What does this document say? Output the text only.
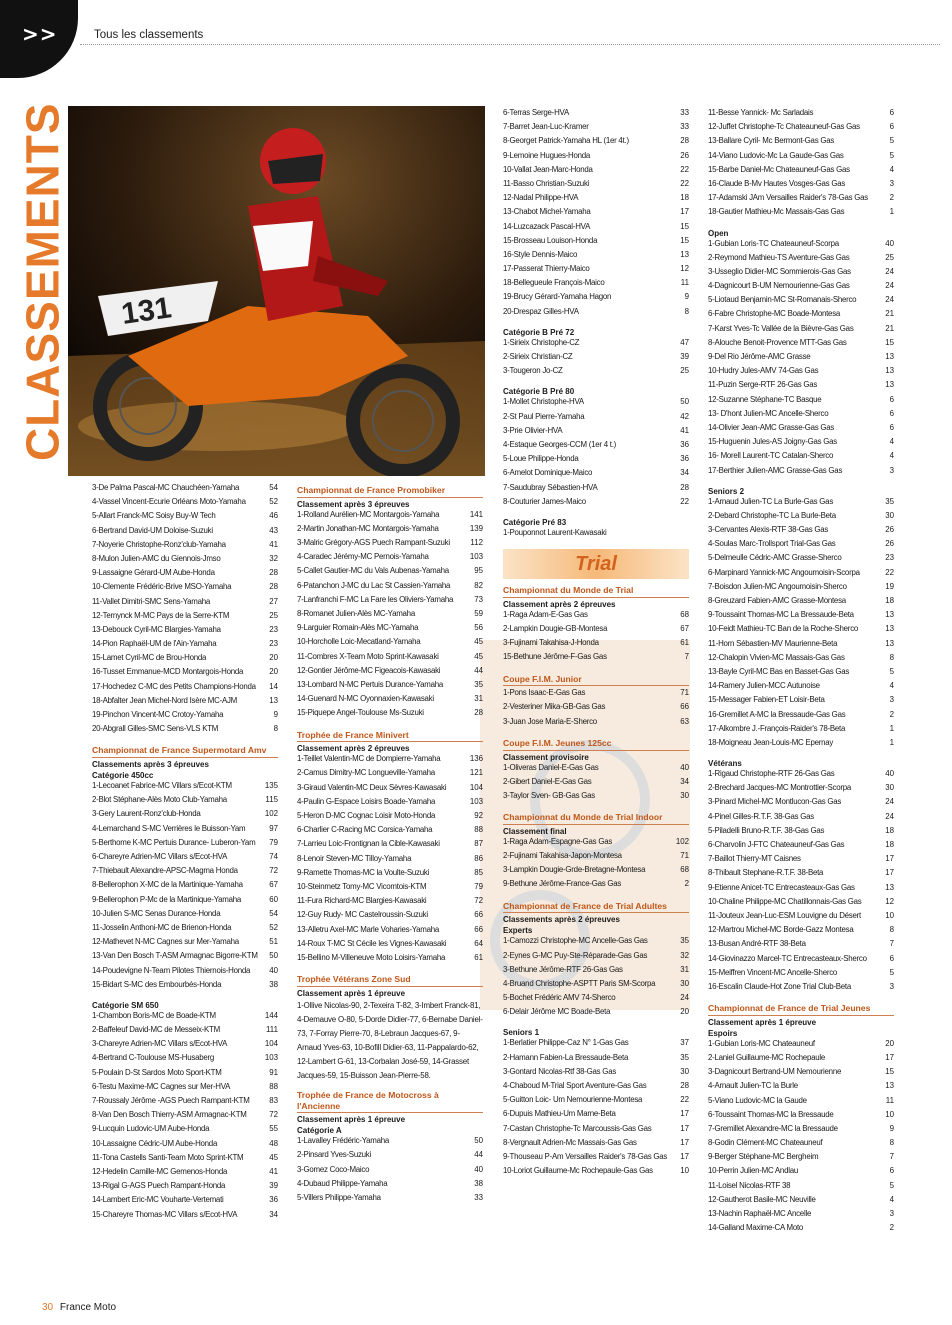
>>	Tous les classements
CLASSEMENTS 131
3-De Palma Pascal-MC Chauchéen-Yamaha	54
4-Vassel Vincent-Ecurie Orléans Moto-Yamaha	52
5-Allart Franck-MC Soisy Buy-W Tech	46
6-Bertrand David-UM Doloise-Suzuki	43
7-Noyerie Christophe-Ronz'club-Yamaha	41
8-Mulon Julien-AMC du Giennois-Jmso	32
9-Lassaigne Gérard-UM Aube-Honda	28
10-Clemente Frédéric-Brive MSO-Yamaha	28
11-Vallet Dimitri-SMC Sens-Yamaha	27
12-Ternynck M-MC Pays de la Serre-KTM	25
13-Debouck Cyril-MC Blargies-Yamaha	23
14-Pion Raphaël-UM de l'Ain-Yamaha	23
15-Lamet Cyril-MC de Brou-Honda	20
16-Tusset Emmanue-MCD Montargois-Honda	20
17-Hochedez C-MC des Petits Champions-Honda	14
18-Abfalter Jean Michel-Nord Isère MC-AJM	13
19-Pinchon Vincent-MC Crotoy-Yamaha	9
20-Abgrall Gilles-SMC Sens-VLS KTM	8
Championnat de France Supermotard Amv
Classements après 3 épreuves
Catégorie 450cc
1-Lecoanet Fabrice-MC Villars s/Ecot-KTM	135
2-Blot Stéphane-Alès Moto Club-Yamaha	115
3-Gery Laurent-Ronz'club-Honda	102
4-Lemarchand S-MC Verrières le Buisson-Yam	97
5-Berthome K-MC Pertuis Durance- Luberon-Yam	79
6-Chareyre Adrien-MC Villars s/Ecot-HVA	74
7-Thiebault Alexandre-APSC-Magma Honda	72
8-Bellerophon X-MC de la Martinique-Yamaha	67
9-Bellerophon P-Mc de la Martinique-Yamaha	60
10-Julien S-MC Senas Durance-Honda	54
11-Josselin Anthoni-MC de Brienon-Honda	52
12-Mathevet N-MC Cagnes sur Mer-Yamaha	51
13-Van Den Bosch T-ASM Armagnac Bigorre-KTM	50
14-Poudevigne N-Team Pilotes Thiernois-Honda	40
15-Bidart S-MC des Embourbés-Honda	38
Catégorie SM 650
1-Chambon Boris-MC de Boade-KTM	144
2-Baffeleuf David-MC de Messeix-KTM	111
3-Chareyre Adrien-MC Villars s/Ecot-HVA	104
4-Bertrand C-Toulouse MS-Husaberg	103
5-Poulain D-St Sardos Moto Sport-KTM	91
6-Testu Maxime-MC Cagnes sur Mer-HVA	88
7-Roussaly Jérôme -AGS Puech Rampant-KTM	83
8-Van Den Bosch Thierry-ASM Armagnac-KTM	72
9-Lucquin Ludovic-UM Aube-Honda	55
10-Lassaigne Cédric-UM Aube-Honda	48
11-Tona Castells Santi-Team Moto Sprint-KTM	45
12-Hedelin Camille-MC Gemenos-Honda	41
13-Rigal G-AGS Puech Rampant-Honda	39
14-Lambert Eric-MC Vouharte-Vertemati	36
15-Chareyre Thomas-MC Villars s/Ecot-HVA	34
Championnat de France Promobiker
Classement après 3 épreuves
1-Rolland Aurélien-MC Montargois-Yamaha	141
2-Martin Jonathan-MC Montargois-Yamaha	139
3-Malric Grégory-AGS Puech Rampant-Suzuki	112
4-Caradec Jérémy-MC Pernois-Yamaha	103
5-Callet Gautier-MC du Vals Aubenas-Yamaha	95
6-Patanchon J-MC du Lac St Cassien-Yamaha	82
7-Lanfranchi F-MC La Fare les Oliviers-Yamaha	73
8-Romanet Julien-Alès MC-Yamaha	59
9-Larguier Romain-Alès MC-Yamaha	56
10-Horcholle Loic-Mecatland-Yamaha	45
11-Combres X-Team Moto Sprint-Kawasaki	45
12-Gontier Jérôme-MC Figeacois-Kawasaki	44
13-Lombard N-MC Pertuis Durance-Yamaha	35
14-Guenard N-MC Oyonnaxien-Kawasaki	31
15-Piquepe Angel-Toulouse Ms-Suzuki	28
Trophée de France Minivert
Classement après 2 épreuves
1-Teillet Valentin-MC de Dompierre-Yamaha	136
2-Camus Dimitry-MC Longueville-Yamaha	121
3-Giraud Valentin-MC Deux Sèvres-Kawasaki	104
4-Paulin G-Espace Loisirs Boade-Yamaha	103
5-Heron D-MC Cognac Loisir Moto-Honda	92
6-Charlier C-Racing MC Corsica-Yamaha	88
7-Larrieu Loic-Frontignan la Cible-Kawasaki	87
8-Lenoir Steven-MC Tilloy-Yamaha	86
9-Ramette Thomas-MC la Voulte-Suzuki	85
10-Steinmetz Tomy-MC Vicomtois-KTM	79
11-Fura Richard-MC Blargies-Kawasaki	72
12-Guy Rudy- MC Castelroussin-Suzuki	66
13-Alletru Axel-MC Marle Voharies-Yamaha	66
14-Roux T-MC St Cécile les Vignes-Kawasaki	64
15-Bellino M-Villeneuve Moto Loisirs-Yamaha	61
Trophée Vétérans Zone Sud
Classement après 1 épreuve
1-Ollive Nicolas-90, 2-Texeira T-82, 3-Imbert Franck-81, 4-Demauve O-80, 5-Dorde Didier-77, 6-Bernabe Daniel-73, 7-Forray Pierre-70, 8-Lebraun Jacques-67, 9-Arnaud Yves-63, 10-Bofill Didier-63, 11-Pappalardo-62, 12-Lambert G-61, 13-Corbalan José-59, 14-Grasset Jacques-59, 15-Buisson Jean-Pierre-58.
Trophée de France de Motocross à l'Ancienne
Classement après 1 épreuve
Catégorie A
1-Lavalley Frédéric-Yamaha	50
2-Pinsard Yves-Suzuki	44
3-Gomez Coco-Maico	40
4-Dubaud Philippe-Yamaha	38
5-Villers Philippe-Yamaha	33
6-Terras Serge-HVA	33
7-Barret Jean-Luc-Kramer	33
8-Georget Patrick-Yamaha HL (1er 4t.)	28
9-Lemoine Hugues-Honda	26
10-Vallat Jean-Marc-Honda	22
11-Basso Christian-Suzuki	22
12-Nadal Philippe-HVA	18
13-Chabot Michel-Yamaha	17
14-Luzcazack Pascal-HVA	15
15-Brosseau Louison-Honda	15
16-Style Dennis-Maico	13
17-Passerat Thierry-Maico	12
18-Bellegueule François-Maico	11
19-Brucy Gérard-Yamaha Hagon	9
20-Drespaz Gilles-HVA	8
Catégorie B Pré 72
1-Sirieix Christophe-CZ	47
2-Sirieix Christian-CZ	39
3-Tougeron Jo-CZ	25
Catégorie B Pré 80
1-Mollet Christophe-HVA	50
2-St Paul Pierre-Yamaha	42
3-Prie Olivier-HVA	41
4-Estaque Georges-CCM (1er 4 t.)	36
5-Loue Philippe-Honda	36
6-Amelot Dominique-Maico	34
7-Saudubray Sébastien-HVA	28
8-Couturier James-Maico	22
Catégorie Pré 83
1-Pouponnot Laurent-Kawasaki
Trial
Championnat du Monde de Trial
Classement après 2 épreuves
1-Raga Adam-E-Gas Gas	68
2-Lampkin Dougie-GB-Montesa	67
3-Fujinami Takahisa-J-Honda	61
15-Bethune Jérôme-F-Gas Gas	7
Coupe F.I.M. Junior
1-Pons Isaac-E-Gas Gas	71
2-Vesteriner Mika-GB-Gas Gas	66
3-Juan Jose Maria-E-Sherco	63
Coupe F.I.M. Jeunes 125cc
Classement provisoire
1-Oliveras Daniel-E-Gas Gas	40
2-Gibert Daniel-E-Gas Gas	34
3-Taylor Sven- GB-Gas Gas	30
Championnat du Monde de Trial Indoor
Classement final
1-Raga Adam-Espagne-Gas Gas	102
2-Fujinami Takahisa-Japon-Montesa	71
3-Lampkin Dougie-Grde-Bretagne-Montesa	68
9-Bethune Jérôme-France-Gas Gas	2
Championnat de France de Trial Adultes
Classements après 2 épreuves
Experts
1-Camozzi Christophe-MC Ancelle-Gas Gas	35
2-Eynes G-MC Puy-Ste-Réparade-Gas Gas	32
3-Bethune Jérôme-RTF 26-Gas Gas	31
4-Bruand Christophe-ASPTT Paris SM-Scorpa	30
5-Bochet Frédéric AMV 74-Sherco	24
6-Delair Jérôme MC Boade-Beta	20
Seniors 1
1-Berlatier Philippe-Caz N° 1-Gas Gas	37
2-Hamann Fabien-La Bressaude-Beta	35
3-Gontard Nicolas-Rtf 38-Gas Gas	30
4-Chaboud M-Trial Sport Aventure-Gas Gas	28
5-Guitton Loic- Um Nemourienne-Montesa	22
6-Dupuis Mathieu-Um Marne-Beta	17
7-Castan Christophe-Tc Marcoussis-Gas Gas	17
8-Vergnault Adrien-Mc Massais-Gas Gas	17
9-Thouseau P-Am Versailles Raider's 78-Gas Gas	17
10-Loriot Guillaume-Mc Rochepaule-Gas Gas	10
11-Besse Yannick- Mc Sarladais	6
12-Juffet Christophe-Tc Chateauneuf-Gas Gas	6
13-Ballare Cyril- Mc Bermont-Gas Gas	5
14-Viano Ludovic-Mc La Gaude-Gas Gas	5
15-Barbe Daniel-Mc Chateauneuf-Gas Gas	4
16-Claude B-Mv Hautes Vosges-Gas Gas	3
17-Adamski JAm Versailles Raider's 78-Gas Gas	2
18-Gautier Mathieu-Mc Massais-Gas Gas	1
Open
1-Gubian Loris-TC Chateauneuf-Scorpa	40
2-Reymond Mathieu-TS Aventure-Gas Gas	25
3-Usseglio Didier-MC Sommierois-Gas Gas	24
4-Dagnicourt B-UM Nemourienne-Gas Gas	24
5-Liotaud Benjamin-MC St-Romanais-Sherco	24
6-Fabre Christophe-MC Boade-Montesa	21
7-Karst Yves-Tc Vallée de la Bièvre-Gas Gas	21
8-Alouche Benoit-Provence MTT-Gas Gas	15
9-Del Rio Jérôme-AMC Grasse	13
10-Hudry Jules-AMV 74-Gas Gas	13
11-Puzin Serge-RTF 26-Gas Gas	13
12-Suzanne Stéphane-TC Basque	6
13- D'hont Julien-MC Ancelle-Sherco	6
14-Olivier Jean-AMC Grasse-Gas Gas	6
15-Huguenin Jules-AS Joigny-Gas Gas	4
16- Morell Laurent-TC Catalan-Sherco	4
17-Berthier Julien-AMC Grasse-Gas Gas	3
Seniors 2
1-Arnaud Julien-TC La Burle-Gas Gas	35
2-Debard Christophe-TC La Burle-Beta	30
3-Cervantes Alexis-RTF 38-Gas Gas	26
4-Soulas Marc-Trollsport Trial-Gas Gas	26
5-Delmeulle Cédric-AMC Grasse-Sherco	23
6-Marpinard Yannick-MC Angoumoisin-Scorpa	22
7-Boisdon Julien-MC Angoumoisin-Sherco	19
8-Greuzard Fabien-AMC Grasse-Montesa	18
9-Toussaint Thomas-MC La Bressaude-Beta	13
10-Feidt Mathieu-TC Ban de la Roche-Sherco	13
11-Horn Sébastien-MV Maurienne-Beta	13
12-Chalopin Vivien-MC Massais-Gas Gas	8
13-Bayle Cyril-MC Bas en Basset-Gas Gas	5
14-Ramery Julien-MCC Autunoise	4
15-Messager Fabien-ET Loisir-Beta	3
16-Gremillet A-MC la Bressaude-Gas Gas	2
17-Alkombre J.-François-Raider's 78-Beta	1
18-Moigneau Jean-Louis-MC Epernay	1
Vétérans
1-Rigaud Christophe-RTF 26-Gas Gas	40
2-Brechard Jacques-MC Montrottier-Scorpa	30
3-Pinard Michel-MC Montlucon-Gas Gas	24
4-Pinel Gilles-R.T.F. 38-Gas Gas	24
5-Piladelli Bruno-R.T.F. 38-Gas Gas	18
6-Charvolin J-FTC Chateauneuf-Gas Gas	18
7-Baillot Thierry-MT Caisnes	17
8-Thibault Stephane-R.T.F. 38-Beta	17
9-Etienne Anicet-TC Entrecasteaux-Gas Gas	13
10-Chaline Philippe-MC Chatillonnais-Gas Gas	12
11-Jouteux Jean-Luc-ESM Louvigne du Désert	10
12-Martrou Michel-MC Borde-Gazz Montesa	8
13-Busan André-RTF 38-Beta	7
14-Giovinazzo Marcel-TC Entrecasteaux-Sherco	6
15-Meiffren Vincent-MC Ancelle-Sherco	5
16-Escalin Claude-Hot Zone Trial Club-Beta	3
Championnat de France de Trial Jeunes
Classement après 1 épreuve
Espoirs
1-Gubian Loris-MC Chateauneuf	20
2-Laniel Guillaume-MC Rochepaule	17
3-Dagnicourt Bertrand-UM Nemourienne	15
4-Arnault Julien-TC la Burle	13
5-Viano Ludovic-MC la Gaude	11
6-Toussaint Thomas-MC la Bressaude	10
7-Gremillet Alexandre-MC la Bressaude	9
8-Godin Clément-MC Chateauneuf	8
9-Berger Stéphane-MC Bergheim	7
10-Perrin Julien-MC Andlau	6
11-Loisel Nicolas-RTF 38	5
12-Gautherot Basile-MC Neuville	4
13-Nachin Raphaël-MC Ancelle	3
14-Galland Maxime-CA Moto	2
30 France Moto
